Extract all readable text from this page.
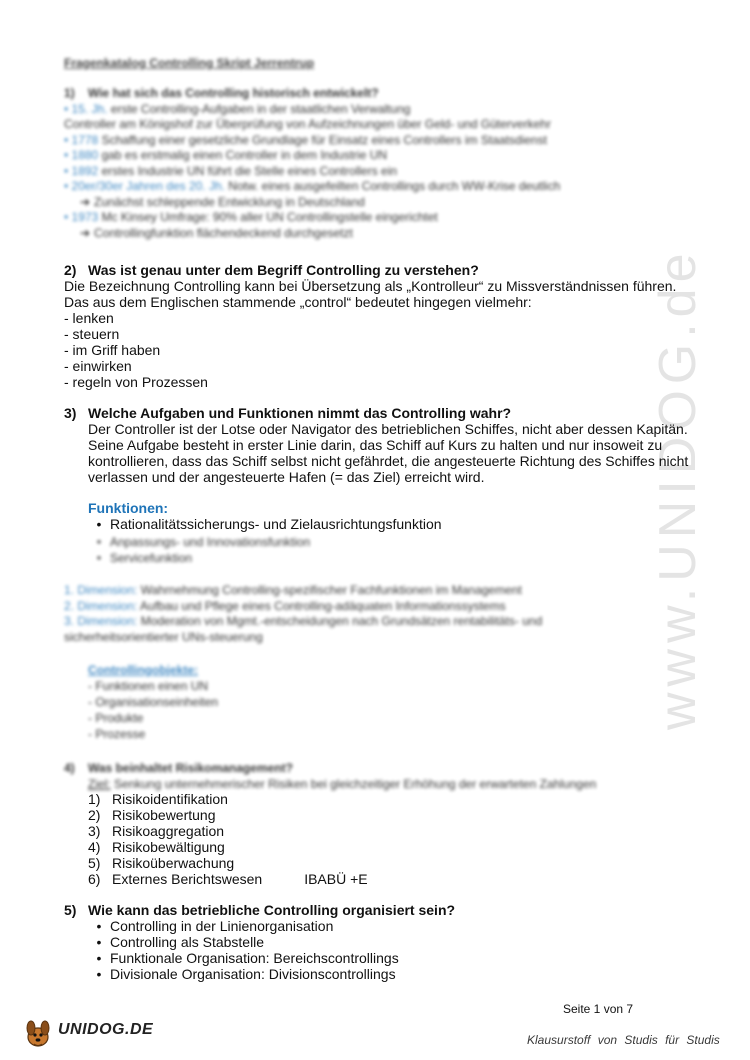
www.UNIDOG.de
Fragenkatalog Controlling Skript Jerrentrup
1) Wie hat sich das Controlling historisch entwickelt?
• 15. Jh. erste Controlling-Aufgaben in der staatlichen Verwaltung
Controller am Königshof zur Überprüfung von Aufzeichnungen über Geld- und Güterverkehr
• 1778 Schaffung einer gesetzliche Grundlage für Einsatz eines Controllers im Staatsdienst
• 1880 gab es erstmalig einen Controller in dem Industrie UN
• 1892 erstes Industrie UN führt die Stelle eines Controllers ein
• 20er/30er Jahren des 20. Jh. Notw. eines ausgefeilten Controllings durch WW-Krise deutlich
➔ Zunächst schleppende Entwicklung in Deutschland
• 1973 Mc Kinsey Umfrage: 90% aller UN Controllingstelle eingerichtet
➔ Controllingfunktion flächendeckend durchgesetzt
2) Was ist genau unter dem Begriff Controlling zu verstehen?
Die Bezeichnung Controlling kann bei Übersetzung als „Kontrolleur“ zu Missverständnissen führen.
Das aus dem Englischen stammende „control“ bedeutet hingegen vielmehr:
- lenken
- steuern
- im Griff haben
- einwirken
- regeln von Prozessen
3) Welche Aufgaben und Funktionen nimmt das Controlling wahr?
Der Controller ist der Lotse oder Navigator des betrieblichen Schiffes, nicht aber dessen Kapitän.
Seine Aufgabe besteht in erster Linie darin, das Schiff auf Kurs zu halten und nur insoweit zu
kontrollieren, dass das Schiff selbst nicht gefährdet, die angesteuerte Richtung des Schiffes nicht
verlassen und der angesteuerte Hafen (= das Ziel) erreicht wird.
Funktionen:
• Rationalitätssicherungs- und Zielausrichtungsfunktion
• Anpassungs- und Innovationsfunktion
• Servicefunktion
1. Dimension: Wahrnehmung Controlling-spezifischer Fachfunktionen im Management
2. Dimension: Aufbau und Pflege eines Controlling-adäquaten Informationssystems
3. Dimension: Moderation von Mgmt.-entscheidungen nach Grundsätzen rentabilitäts- und
sicherheitsorientierter UNs-steuerung
Controllingobjekte:
- Funktionen einen UN
- Organisationseinheiten
- Produkte
- Prozesse
4) Was beinhaltet Risikomanagement?
Ziel: Senkung unternehmerischer Risiken bei gleichzeitiger Erhöhung der erwarteten Zahlungen
1) Risikoidentifikation
2) Risikobewertung
3) Risikoaggregation
4) Risikobewältigung
5) Risikoüberwachung
6) Externes Berichtswesen	IBABÜ +E
5) Wie kann das betriebliche Controlling organisiert sein?
• Controlling in der Linienorganisation
• Controlling als Stabstelle
• Funktionale Organisation: Bereichscontrollings
• Divisionale Organisation: Divisionscontrollings
Seite 1 von 7
UNIDOG.DE
Klausurstoff von Studis für Studis
